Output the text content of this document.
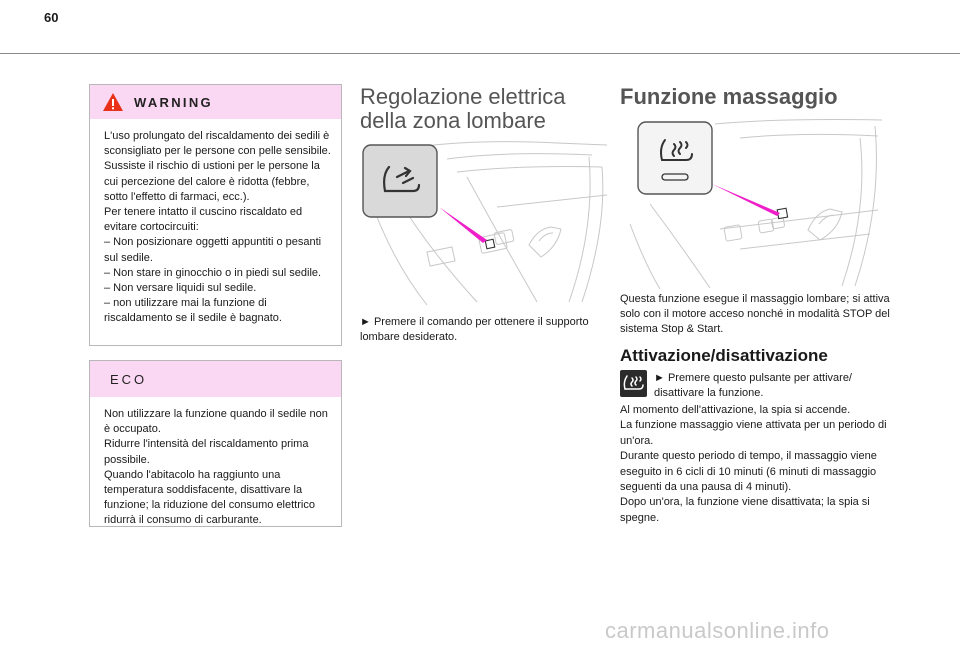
60
WARNING

L'uso prolungato del riscaldamento dei sedili è sconsigliato per le persone con pelle sensibile.

Sussiste il rischio di ustioni per le persone la cui percezione del calore è ridotta (febbre, sotto l'effetto di farmaci, ecc.).

Per tenere intatto il cuscino riscaldato ed evitare cortocircuiti:

– Non posizionare oggetti appuntiti o pesanti sul sedile.

– Non stare in ginocchio o in piedi sul sedile.

– Non versare liquidi sul sedile.

– non utilizzare mai la funzione di riscaldamento se il sedile è bagnato.

ECO

Non utilizzare la funzione quando il sedile non è occupato.

Ridurre l'intensità del riscaldamento prima possibile.

Quando l'abitacolo ha raggiunto una temperatura soddisfacente, disattivare la funzione; la riduzione del consumo elettrico ridurrà il consumo di carburante.

Regolazione elettrica della zona lombare

► Premere il comando per ottenere il supporto lombare desiderato.

Funzione massaggio

Questa funzione esegue il massaggio lombare; si attiva solo con il motore acceso nonché in modalità STOP del sistema Stop & Start.

Attivazione/disattivazione

► Premere questo pulsante per attivare/ disattivare la funzione.

Al momento dell'attivazione, la spia si accende.

La funzione massaggio viene attivata per un periodo di un'ora.

Durante questo periodo di tempo, il massaggio viene eseguito in 6 cicli di 10 minuti (6 minuti di massaggio seguenti da una pausa di 4 minuti).

Dopo un'ora, la funzione viene disattivata; la spia si spegne.

carmanualsonline.info
